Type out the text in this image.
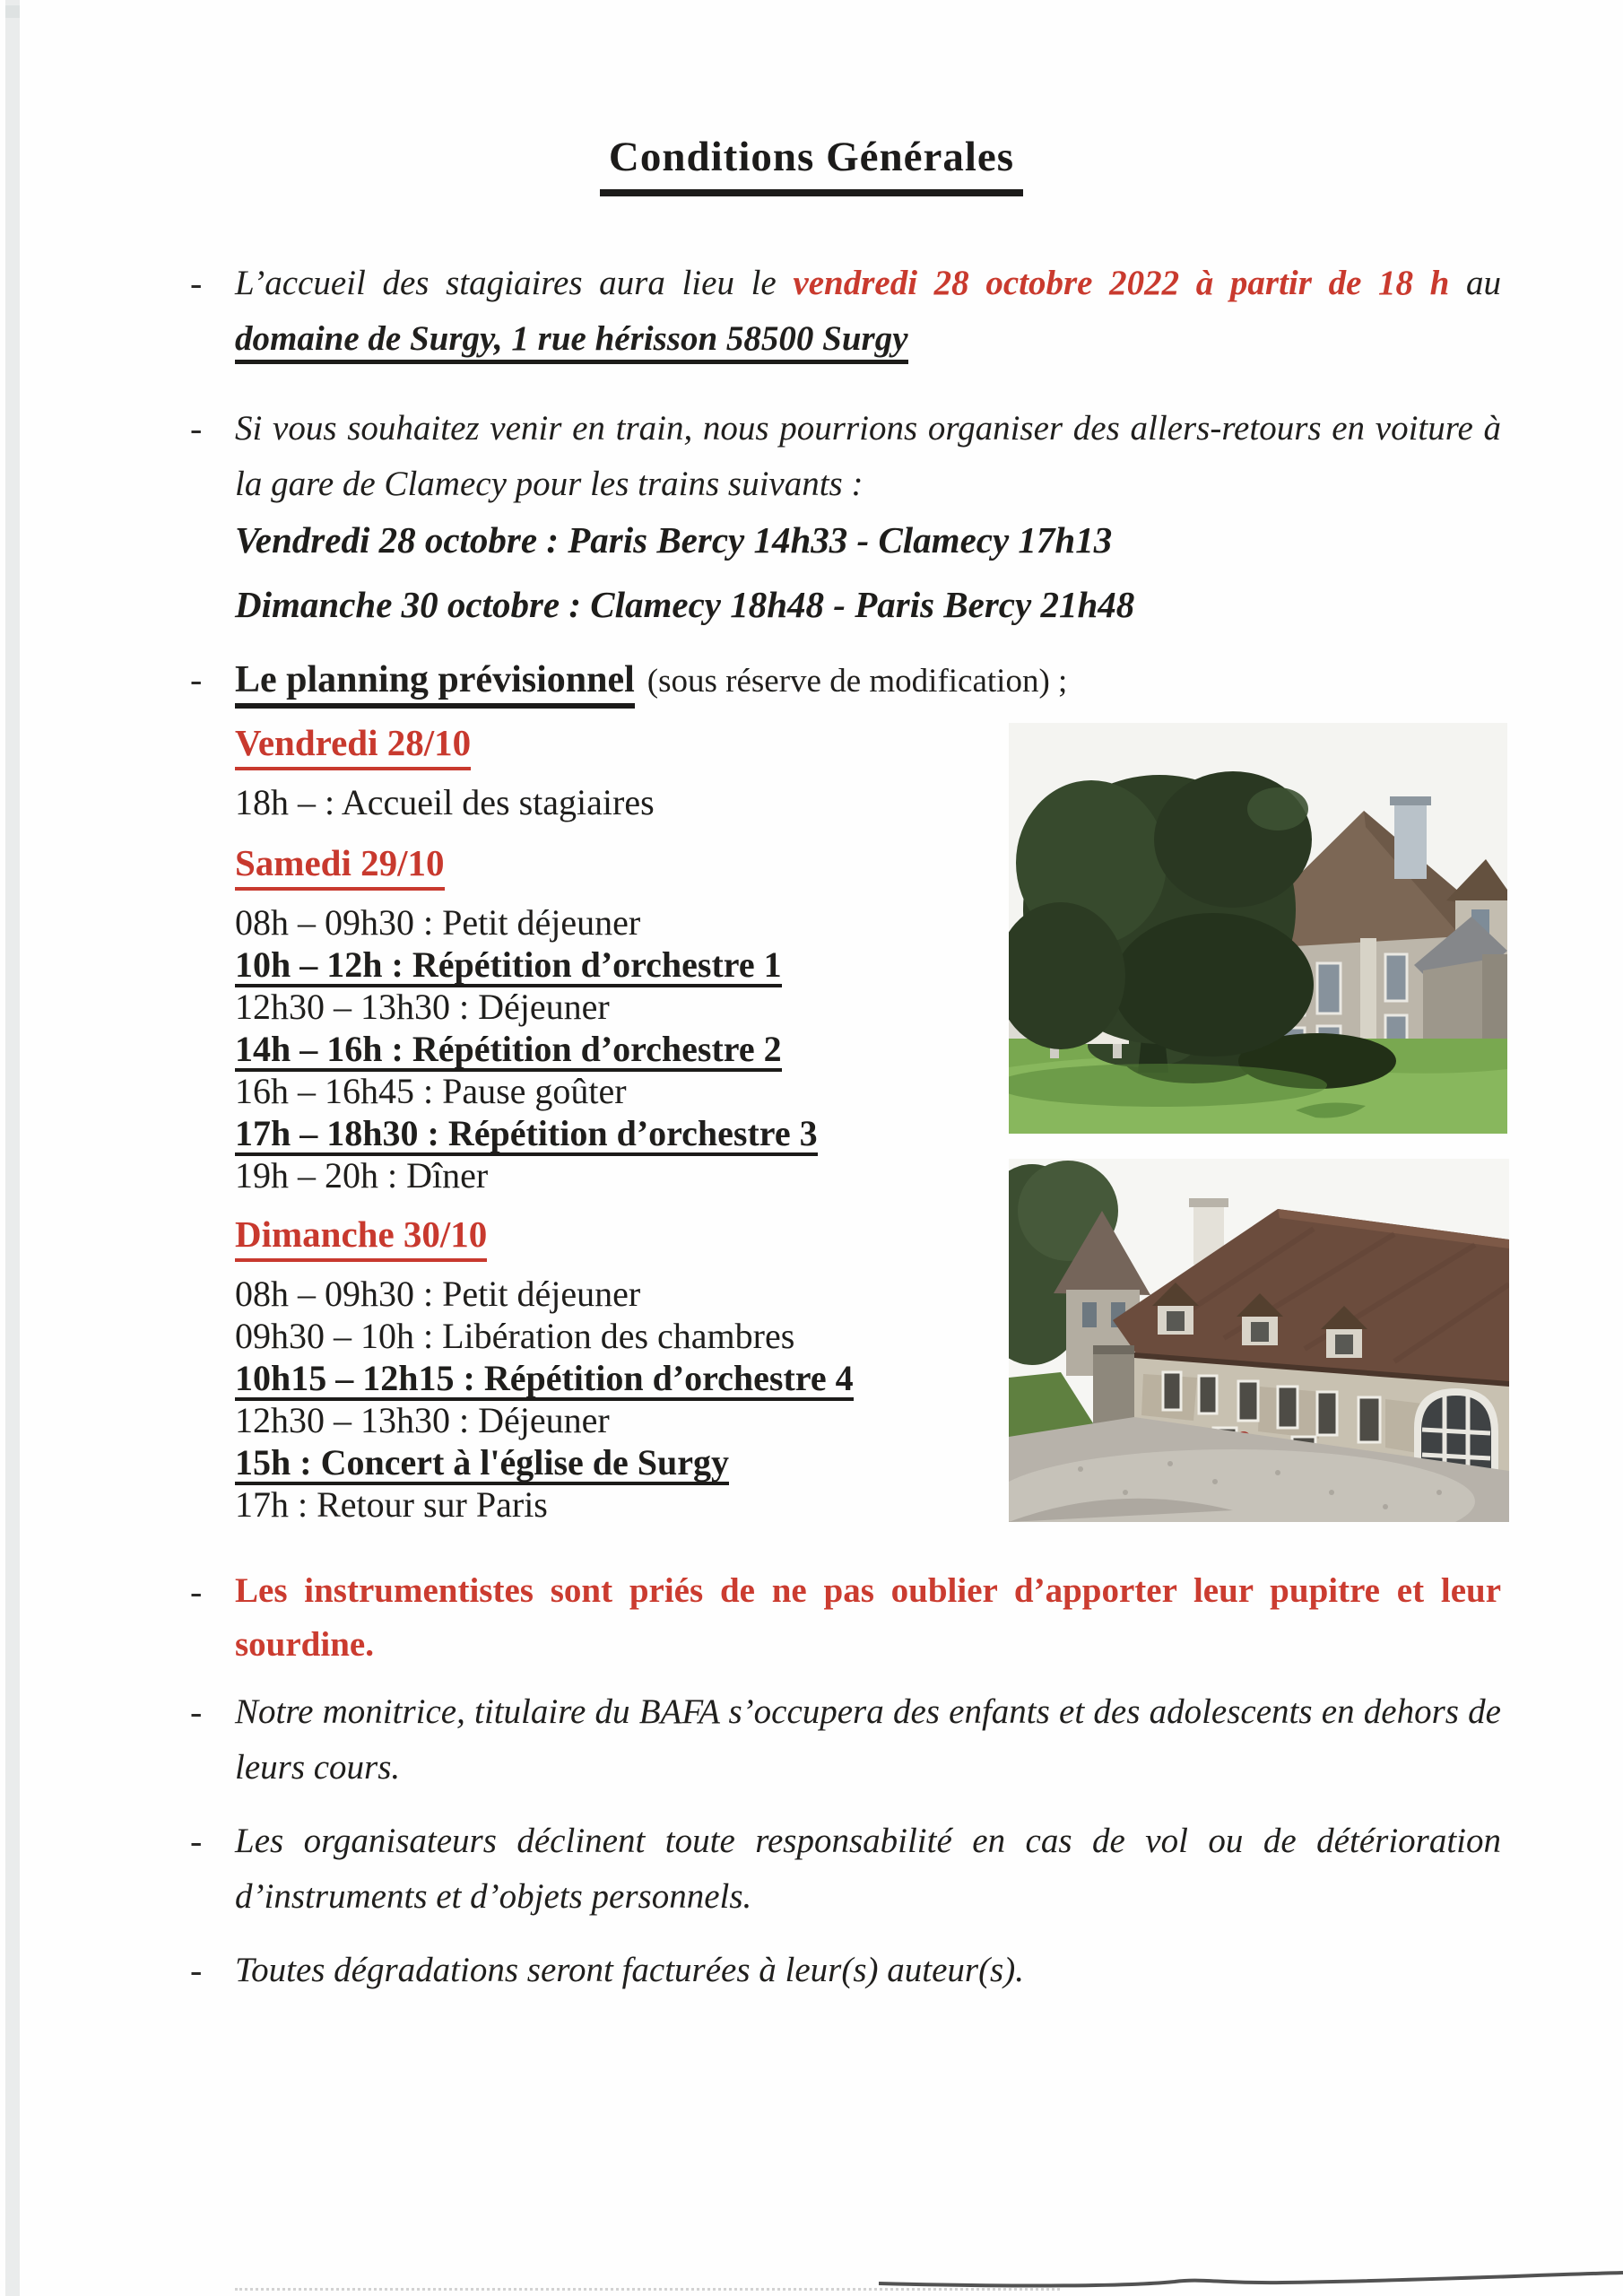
Conditions Générales
- L’accueil des stagiaires aura lieu le vendredi 28 octobre 2022 à partir de 18 h au domaine de Surgy, 1 rue hérisson 58500 Surgy

- Si vous souhaitez venir en train, nous pourrions organiser des allers-retours en voiture à la gare de Clamecy pour les trains suivants :

Vendredi 28 octobre : Paris Bercy 14h33 - Clamecy 17h13
Dimanche 30 octobre : Clamecy 18h48 - Paris Bercy 21h48
- Le planning prévisionnel (sous réserve de modification) ;

Vendredi 28/10
18h – : Accueil des stagiaires
Samedi 29/10
08h – 09h30 : Petit déjeuner
10h – 12h : Répétition d’orchestre 1
12h30 – 13h30 : Déjeuner
14h – 16h : Répétition d’orchestre 2
16h – 16h45 : Pause goûter
17h – 18h30 : Répétition d’orchestre 3
19h – 20h : Dîner
Dimanche 30/10
08h – 09h30 : Petit déjeuner
09h30 – 10h : Libération des chambres
10h15 – 12h15 : Répétition d’orchestre 4
12h30 – 13h30 : Déjeuner
15h : Concert à l'église de Surgy
17h : Retour sur Paris
- Les instrumentistes sont priés de ne pas oublier d’apporter leur pupitre et leur sourdine.

- Notre monitrice, titulaire du BAFA s’occupera des enfants et des adolescents en dehors de leurs cours.

- Les organisateurs déclinent toute responsabilité en cas de vol ou de détérioration d’instruments et d’objets personnels.

- Toutes dégradations seront facturées à leur(s) auteur(s).
